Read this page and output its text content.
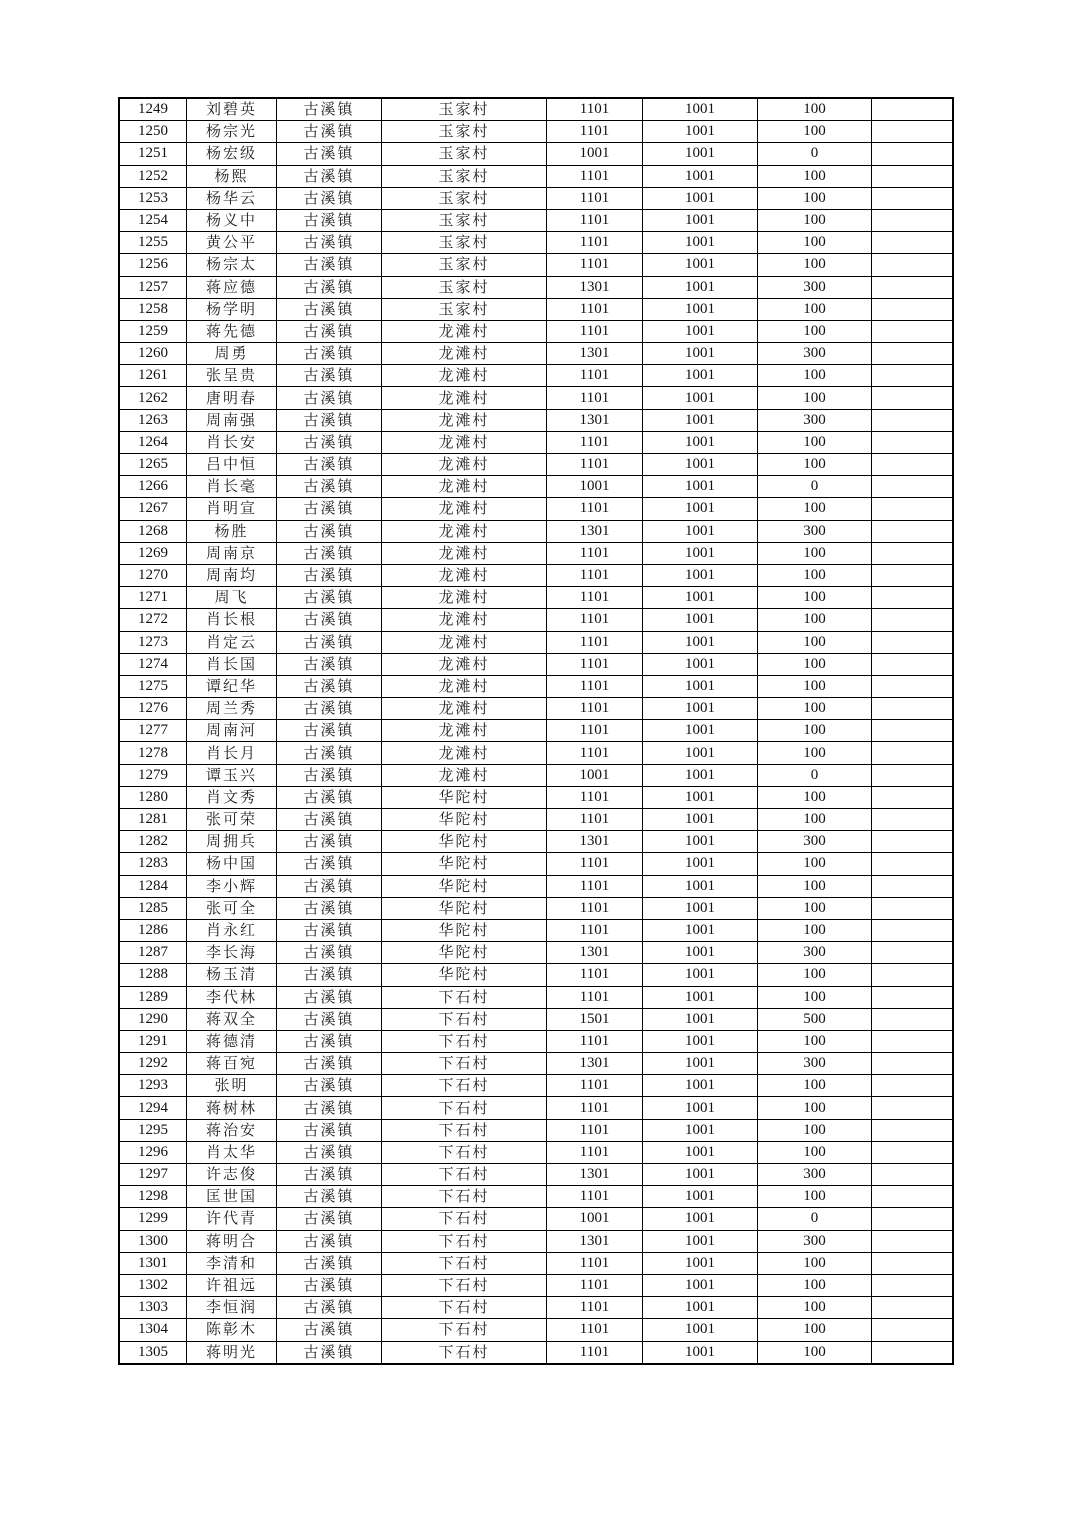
1249	刘碧英	古溪镇	玉家村	1101	1001	100	
1250	杨宗光	古溪镇	玉家村	1101	1001	100	
1251	杨宏级	古溪镇	玉家村	1001	1001	0	
1252	杨熙	古溪镇	玉家村	1101	1001	100	
1253	杨华云	古溪镇	玉家村	1101	1001	100	
1254	杨义中	古溪镇	玉家村	1101	1001	100	
1255	黄公平	古溪镇	玉家村	1101	1001	100	
1256	杨宗太	古溪镇	玉家村	1101	1001	100	
1257	蒋应德	古溪镇	玉家村	1301	1001	300	
1258	杨学明	古溪镇	玉家村	1101	1001	100	
1259	蒋先德	古溪镇	龙滩村	1101	1001	100	
1260	周勇	古溪镇	龙滩村	1301	1001	300	
1261	张呈贵	古溪镇	龙滩村	1101	1001	100	
1262	唐明春	古溪镇	龙滩村	1101	1001	100	
1263	周南强	古溪镇	龙滩村	1301	1001	300	
1264	肖长安	古溪镇	龙滩村	1101	1001	100	
1265	吕中恒	古溪镇	龙滩村	1101	1001	100	
1266	肖长毫	古溪镇	龙滩村	1001	1001	0	
1267	肖明宣	古溪镇	龙滩村	1101	1001	100	
1268	杨胜	古溪镇	龙滩村	1301	1001	300	
1269	周南京	古溪镇	龙滩村	1101	1001	100	
1270	周南均	古溪镇	龙滩村	1101	1001	100	
1271	周飞	古溪镇	龙滩村	1101	1001	100	
1272	肖长根	古溪镇	龙滩村	1101	1001	100	
1273	肖定云	古溪镇	龙滩村	1101	1001	100	
1274	肖长国	古溪镇	龙滩村	1101	1001	100	
1275	谭纪华	古溪镇	龙滩村	1101	1001	100	
1276	周兰秀	古溪镇	龙滩村	1101	1001	100	
1277	周南河	古溪镇	龙滩村	1101	1001	100	
1278	肖长月	古溪镇	龙滩村	1101	1001	100	
1279	谭玉兴	古溪镇	龙滩村	1001	1001	0	
1280	肖文秀	古溪镇	华陀村	1101	1001	100	
1281	张可荣	古溪镇	华陀村	1101	1001	100	
1282	周拥兵	古溪镇	华陀村	1301	1001	300	
1283	杨中国	古溪镇	华陀村	1101	1001	100	
1284	李小辉	古溪镇	华陀村	1101	1001	100	
1285	张可全	古溪镇	华陀村	1101	1001	100	
1286	肖永红	古溪镇	华陀村	1101	1001	100	
1287	李长海	古溪镇	华陀村	1301	1001	300	
1288	杨玉清	古溪镇	华陀村	1101	1001	100	
1289	李代林	古溪镇	下石村	1101	1001	100	
1290	蒋双全	古溪镇	下石村	1501	1001	500	
1291	蒋德清	古溪镇	下石村	1101	1001	100	
1292	蒋百宛	古溪镇	下石村	1301	1001	300	
1293	张明	古溪镇	下石村	1101	1001	100	
1294	蒋树林	古溪镇	下石村	1101	1001	100	
1295	蒋治安	古溪镇	下石村	1101	1001	100	
1296	肖太华	古溪镇	下石村	1101	1001	100	
1297	许志俊	古溪镇	下石村	1301	1001	300	
1298	匡世国	古溪镇	下石村	1101	1001	100	
1299	许代青	古溪镇	下石村	1001	1001	0	
1300	蒋明合	古溪镇	下石村	1301	1001	300	
1301	李清和	古溪镇	下石村	1101	1001	100	
1302	许祖远	古溪镇	下石村	1101	1001	100	
1303	李恒润	古溪镇	下石村	1101	1001	100	
1304	陈彰木	古溪镇	下石村	1101	1001	100	
1305	蒋明光	古溪镇	下石村	1101	1001	100	
